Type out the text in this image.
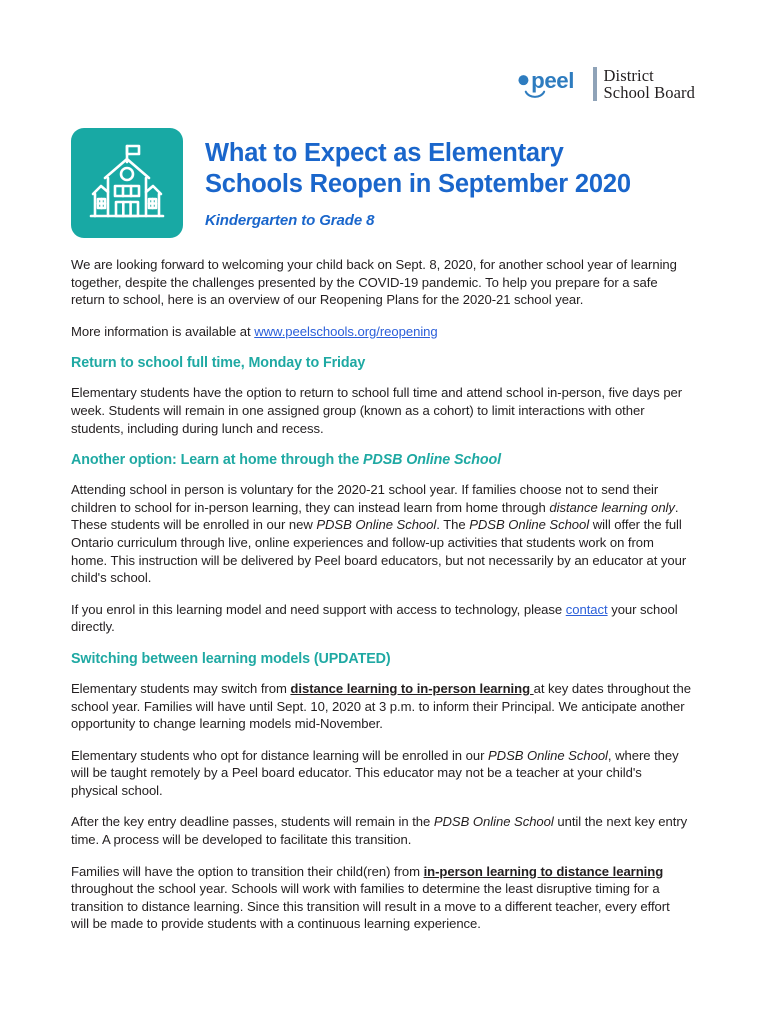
peel District
School Board
What to Expect as Elementary Schools Reopen in September 2020
Kindergarten to Grade 8

We are looking forward to welcoming your child back on Sept. 8, 2020, for another school year of learning together, despite the challenges presented by the COVID-19 pandemic. To help you prepare for a safe return to school, here is an overview of our Reopening Plans for the 2020-21 school year.

More information is available at www.peelschools.org/reopening

Return to school full time, Monday to Friday

Elementary students have the option to return to school full time and attend school in-person, five days per week. Students will remain in one assigned group (known as a cohort) to limit interactions with other students, including during lunch and recess.

Another option: Learn at home through the PDSB Online School

Attending school in person is voluntary for the 2020-21 school year. If families choose not to send their children to school for in-person learning, they can instead learn from home through distance learning only. These students will be enrolled in our new PDSB Online School. The PDSB Online School will offer the full Ontario curriculum through live, online experiences and follow-up activities that students work on from home. This instruction will be delivered by Peel board educators, but not necessarily by an educator at your child's school.

If you enrol in this learning model and need support with access to technology, please contact your school directly.

Switching between learning models (UPDATED)

Elementary students may switch from distance learning to in-person learning at key dates throughout the school year. Families will have until Sept. 10, 2020 at 3 p.m. to inform their Principal. We anticipate another opportunity to change learning models mid-November.

Elementary students who opt for distance learning will be enrolled in our PDSB Online School, where they will be taught remotely by a Peel board educator. This educator may not be a teacher at your child's physical school.

After the key entry deadline passes, students will remain in the PDSB Online School until the next key entry time. A process will be developed to facilitate this transition.

Families will have the option to transition their child(ren) from in-person learning to distance learning throughout the school year. Schools will work with families to determine the least disruptive timing for a transition to distance learning. Since this transition will result in a move to a different teacher, every effort will be made to provide students with a continuous learning experience.
